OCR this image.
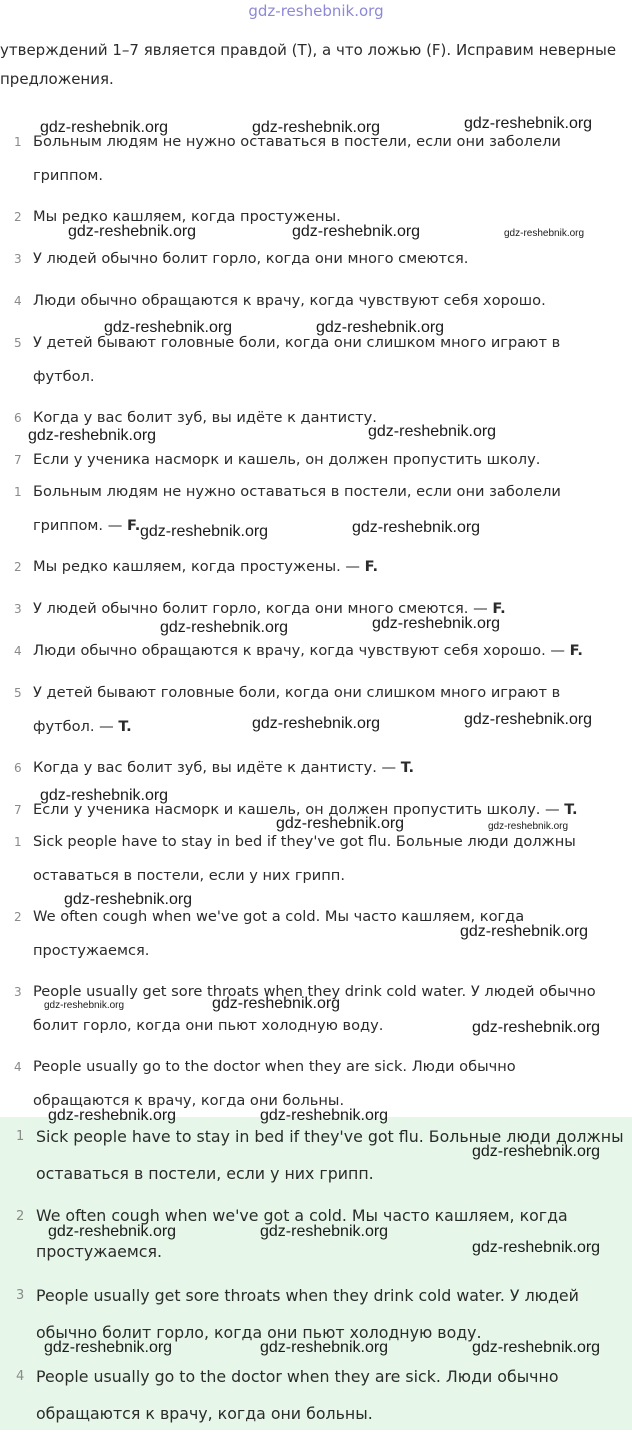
gdz-reshebnik.org
утверждений 1–7 является правдой (T), а что ложью (F). Исправим неверные предложения.
1 Больным людям не нужно оставаться в постели, если они заболели гриппом.
2 Мы редко кашляем, когда простужены.
3 У людей обычно болит горло, когда они много смеются.
4 Люди обычно обращаются к врачу, когда чувствуют себя хорошо.
5 У детей бывают головные боли, когда они слишком много играют в футбол.
6 Когда у вас болит зуб, вы идёте к дантисту.
7 Если у ученика насморк и кашель, он должен пропустить школу.
1 Больным людям не нужно оставаться в постели, если они заболели гриппом. — F.
2 Мы редко кашляем, когда простужены. — F.
3 У людей обычно болит горло, когда они много смеются. — F.
4 Люди обычно обращаются к врачу, когда чувствуют себя хорошо. — F.
5 У детей бывают головные боли, когда они слишком много играют в футбол. — T.
6 Когда у вас болит зуб, вы идёте к дантисту. — T.
7 Если у ученика насморк и кашель, он должен пропустить школу. — T.
1 Sick people have to stay in bed if they've got flu. Больные люди должны оставаться в постели, если у них грипп.
2 We often cough when we've got a cold. Мы часто кашляем, когда простужаемся.
3 People usually get sore throats when they drink cold water. У людей обычно болит горло, когда они пьют холодную воду.
4 People usually go to the doctor when they are sick. Люди обычно обращаются к врачу, когда они больны.
1 Sick people have to stay in bed if they've got flu. Больные люди должны оставаться в постели, если у них грипп.
2 We often cough when we've got a cold. Мы часто кашляем, когда простужаемся.
3 People usually get sore throats when they drink cold water. У людей обычно болит горло, когда они пьют холодную воду.
4 People usually go to the doctor when they are sick. Люди обычно обращаются к врачу, когда они больны.
gdz-reshebnik.org	gdz-reshebnik.org	gdz-reshebnik.org
gdz-reshebnik.org	gdz-reshebnik.org	gdz-reshebnik.org
gdz-reshebnik.org	gdz-reshebnik.org
gdz-reshebnik.org	gdz-reshebnik.org
gdz-reshebnik.org	gdz-reshebnik.org
gdz-reshebnik.org	gdz-reshebnik.org
gdz-reshebnik.org	gdz-reshebnik.org
gdz-reshebnik.org
gdz-reshebnik.org	gdz-reshebnik.org
gdz-reshebnik.org
gdz-reshebnik.org
gdz-reshebnik.org	gdz-reshebnik.org
gdz-reshebnik.org
gdz-reshebnik.org	gdz-reshebnik.org
gdz-reshebnik.org
gdz-reshebnik.org	gdz-reshebnik.org
gdz-reshebnik.org
gdz-reshebnik.org	gdz-reshebnik.org	gdz-reshebnik.org
